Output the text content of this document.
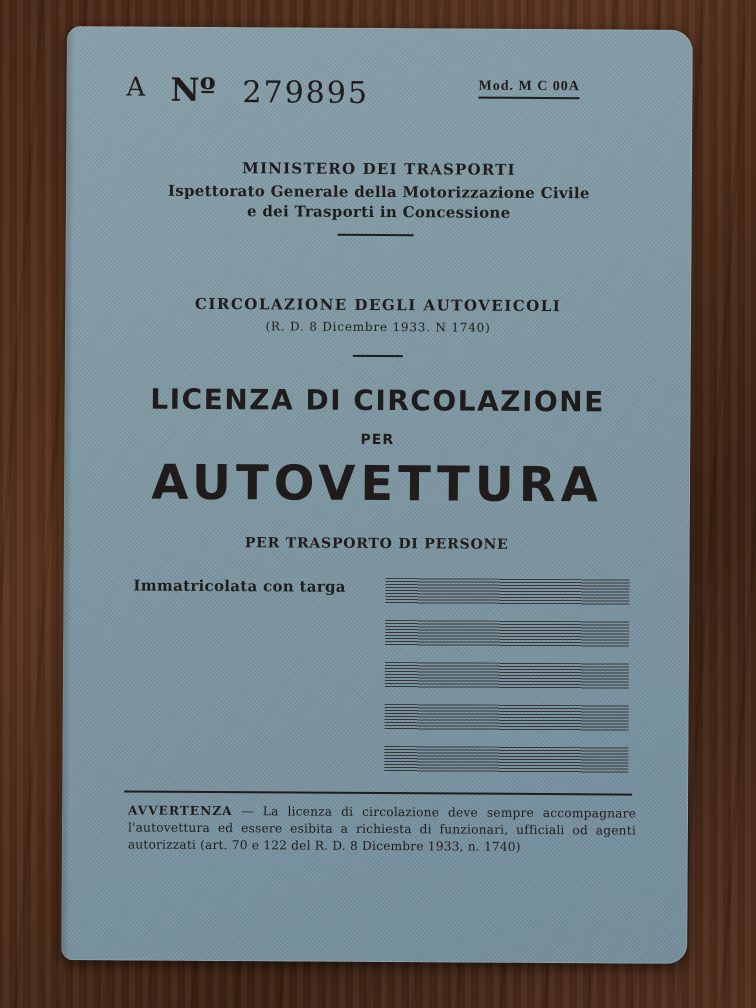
A Nº 279895	Mod. M C 00A
MINISTERO DEI TRASPORTI
Ispettorato Generale della Motorizzazione Civile
e dei Trasporti in Concessione
CIRCOLAZIONE DEGLI AUTOVEICOLI
(R. D. 8 Dicembre 1933. N 1740)
LICENZA DI CIRCOLAZIONE
PER
AUTOVETTURA
PER TRASPORTO DI PERSONE
Immatricolata con targa
AVVERTENZA — La licenza di circolazione deve sempre accompagnare l'autovettura ed essere esibita a richiesta di funzionari, ufficiali od agenti autorizzati (art. 70 e 122 del R. D. 8 Dicembre 1933, n. 1740)
